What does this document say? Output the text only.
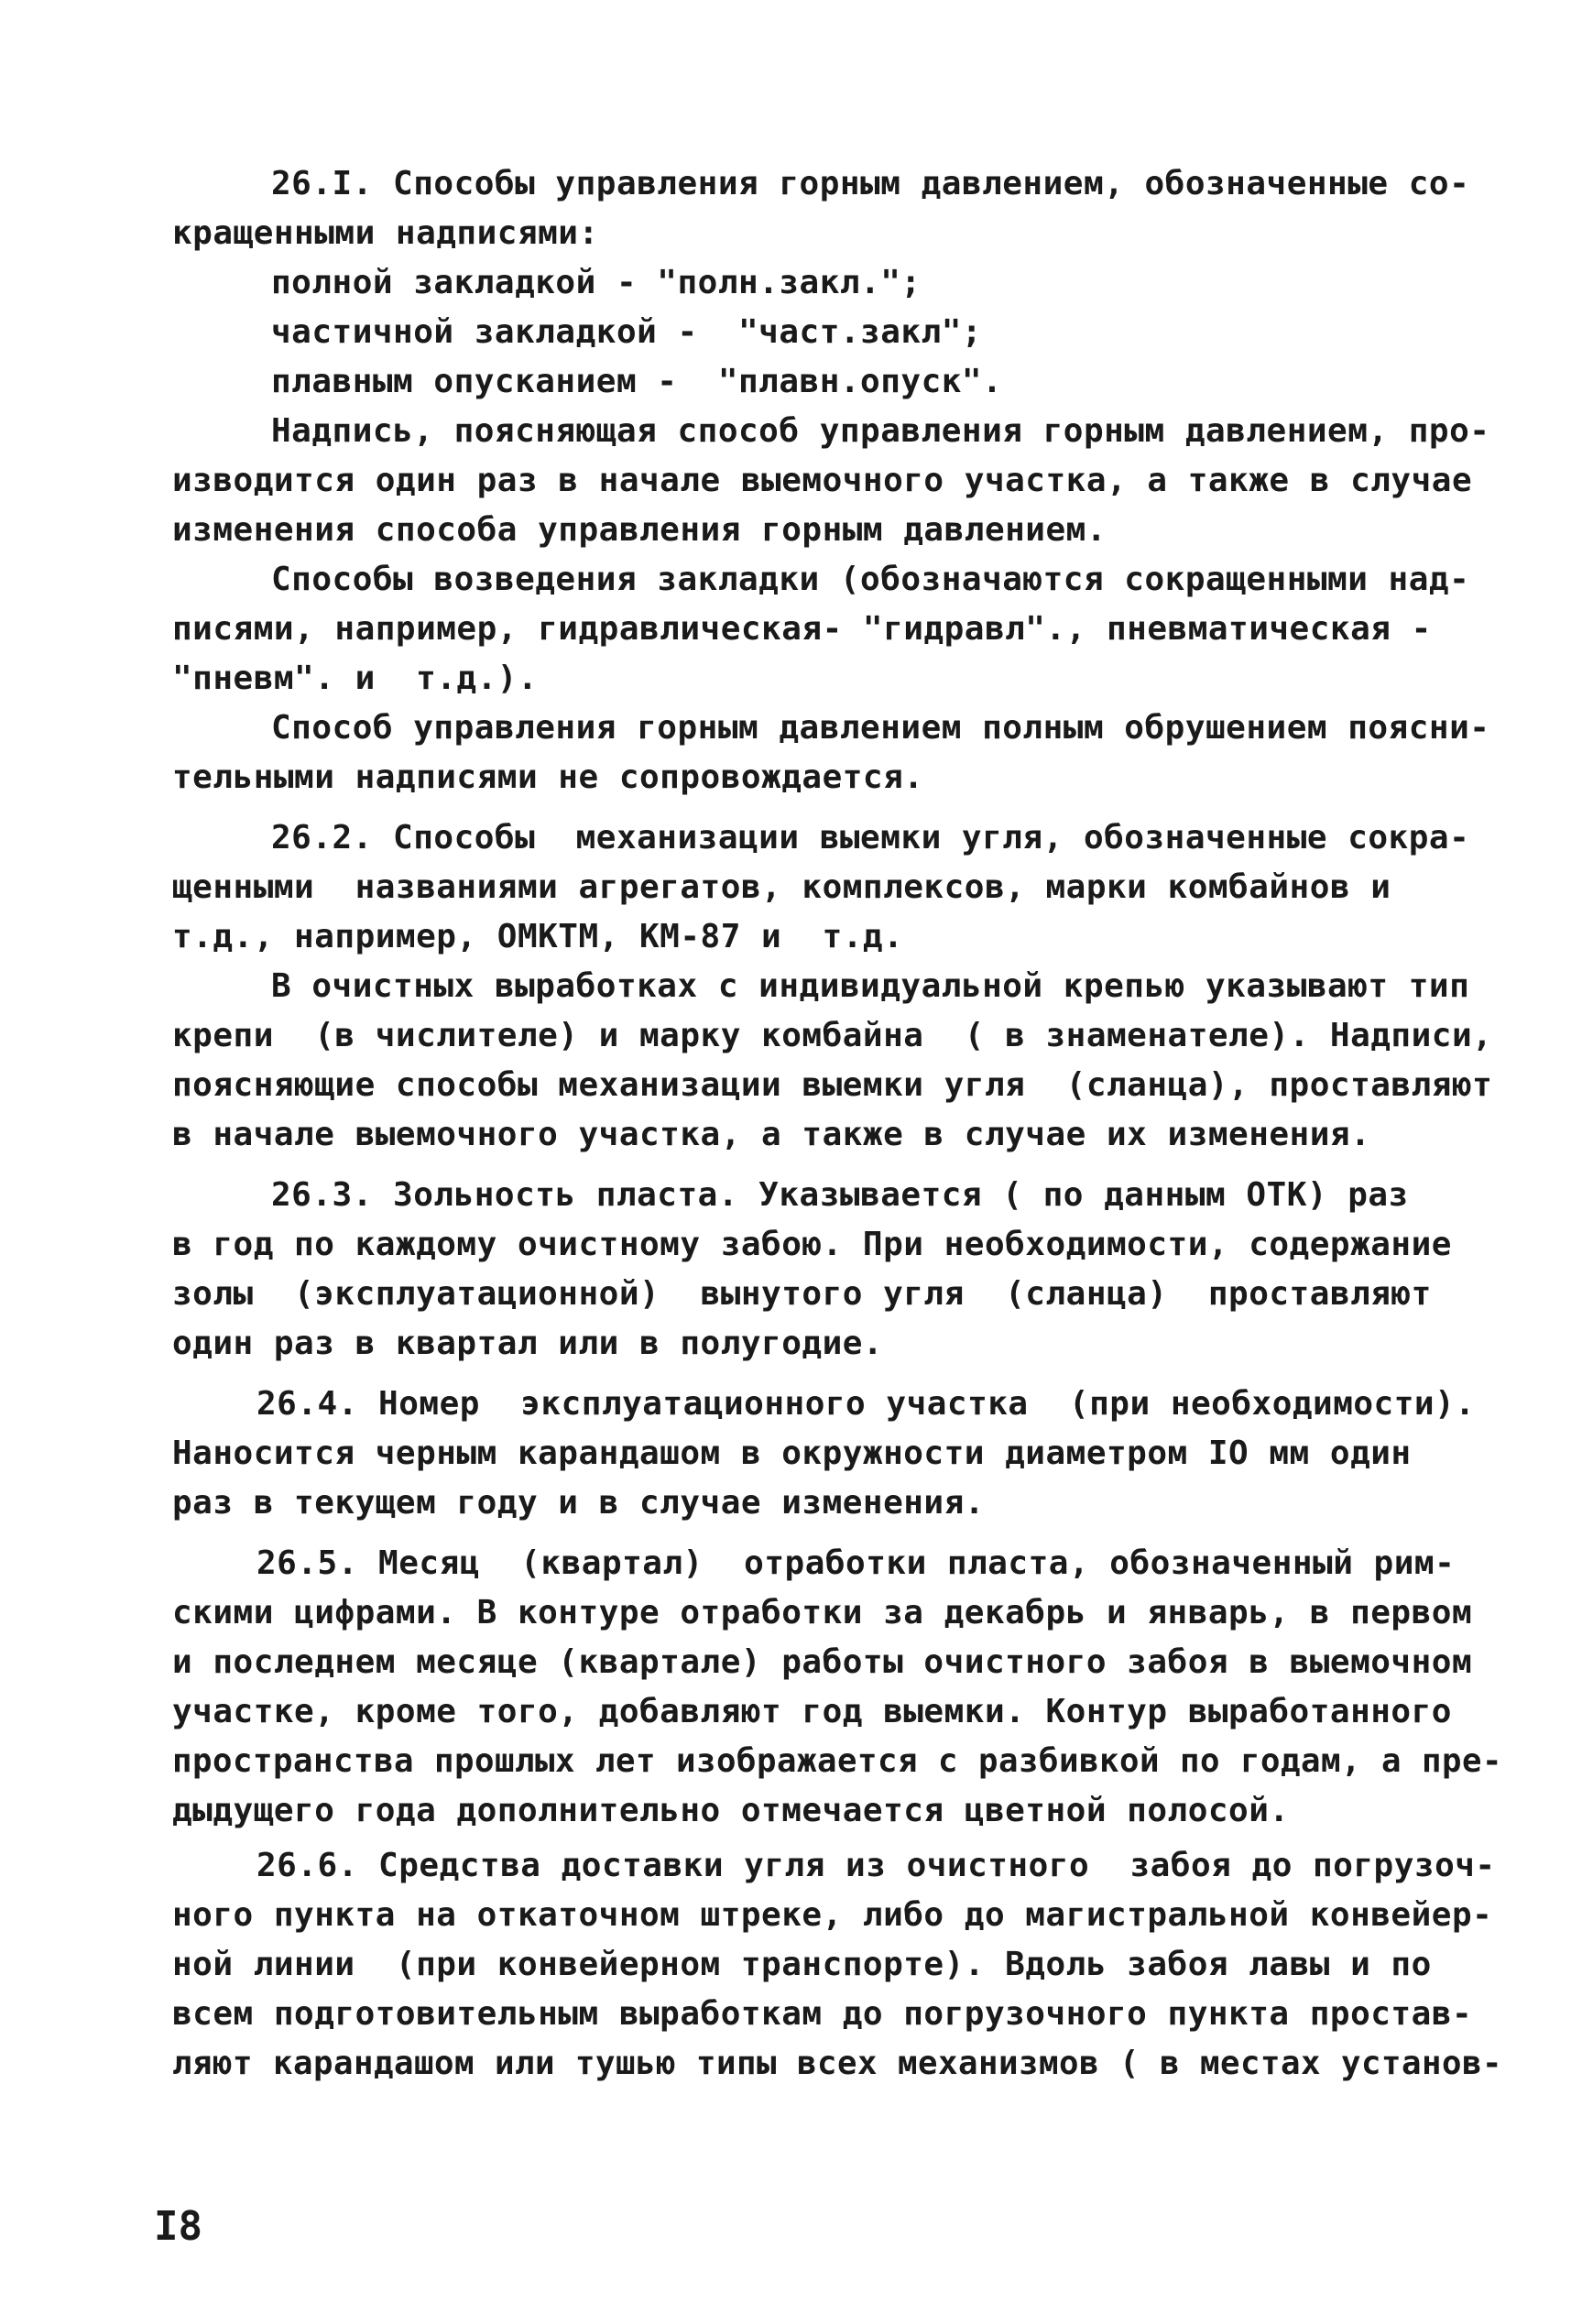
26.I. Способы управления горным давлением, обозначенные со-

кращенными надписями:

полной закладкой - "полн.закл.";

частичной закладкой -  "част.закл";

плавным опусканием -  "плавн.опуск".

Надпись, поясняющая способ управления горным давлением, про-

изводится один раз в начале выемочного участка, а также в случае

изменения способа управления горным давлением.

Способы возведения закладки (обозначаются сокращенными над-

писями, например, гидравлическая- "гидравл"., пневматическая -

"пневм". и  т.д.).

Способ управления горным давлением полным обрушением поясни-

тельными надписями не сопровождается.

26.2. Способы  механизации выемки угля, обозначенные сокра-

щенными  названиями агрегатов, комплексов, марки комбайнов и

т.д., например, ОМКТМ, КМ-87 и  т.д.

В очистных выработках с индивидуальной крепью указывают тип

крепи  (в числителе) и марку комбайна  ( в знаменателе). Надписи,

поясняющие способы механизации выемки угля  (сланца), проставляют

в начале выемочного участка, а также в случае их изменения.

26.3. Зольность пласта. Указывается ( по данным ОТК) раз

в год по каждому очистному забою. При необходимости, содержание

золы  (эксплуатационной)  вынутого угля  (сланца)  проставляют

один раз в квартал или в полугодие.

26.4. Номер  эксплуатационного участка  (при необходимости).

Наносится черным карандашом в окружности диаметром IO мм один

раз в текущем году и в случае изменения.

26.5. Месяц  (квартал)  отработки пласта, обозначенный рим-

скими цифрами. В контуре отработки за декабрь и январь, в первом

и последнем месяце (квартале) работы очистного забоя в выемочном

участке, кроме того, добавляют год выемки. Контур выработанного

пространства прошлых лет изображается с разбивкой по годам, а пре-

дыдущего года дополнительно отмечается цветной полосой.

26.6. Средства доставки угля из очистного  забоя до погрузоч-

ного пункта на откаточном штреке, либо до магистральной конвейер-

ной линии  (при конвейерном транспорте). Вдоль забоя лавы и по

всем подготовительным выработкам до погрузочного пункта простав-

ляют карандашом или тушью типы всех механизмов ( в местах установ-

I8
